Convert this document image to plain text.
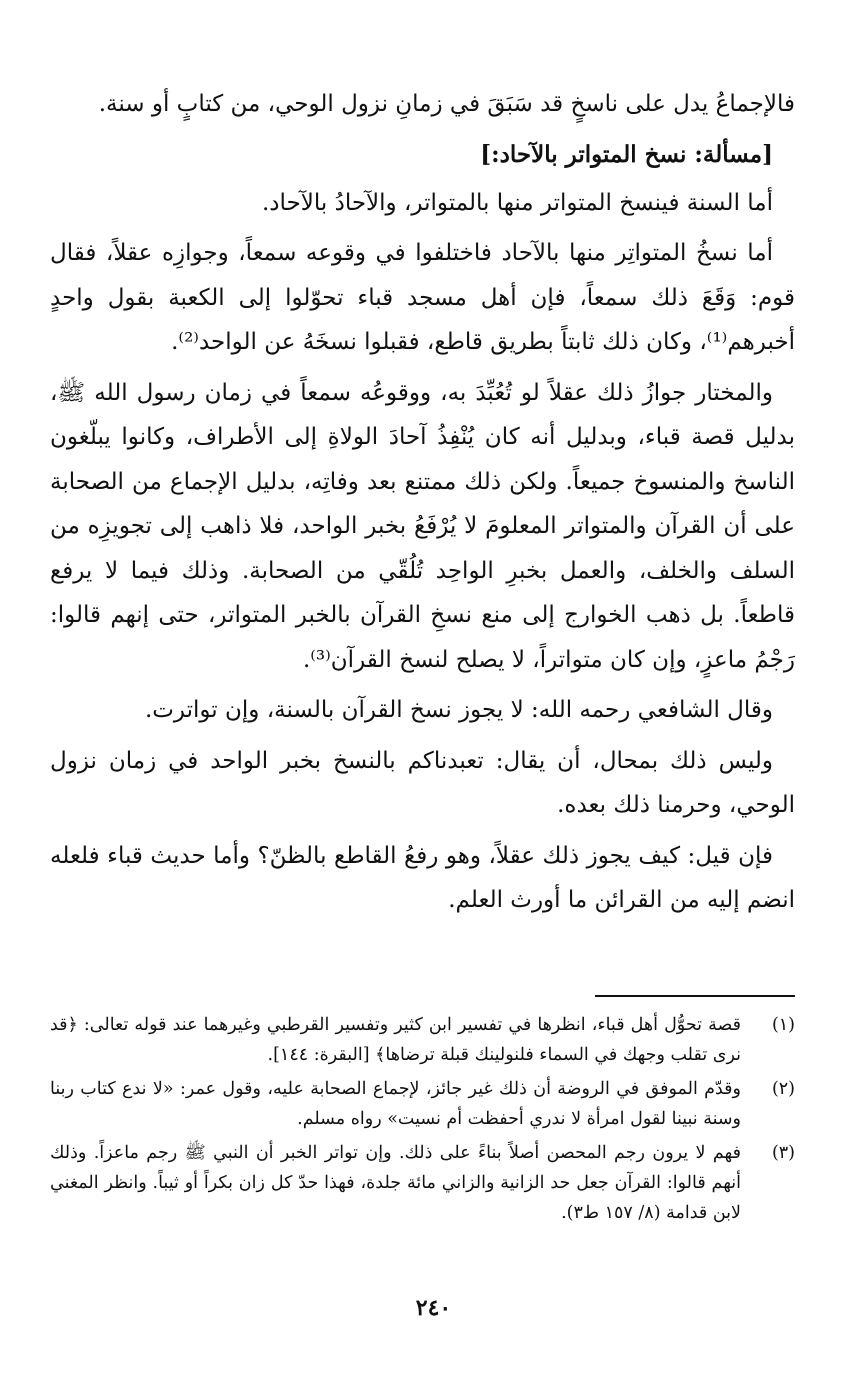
فالإجماعُ يدل على ناسخٍ قد سَبَقَ في زمانِ نزول الوحي، من كتابٍ أو سنة.

[مسألة: نسخ المتواتر بالآحاد:]

أما السنة فينسخ المتواتر منها بالمتواتر، والآحادُ بالآحاد.

أما نسخُ المتواتِر منها بالآحاد فاختلفوا في وقوعه سمعاً، وجوازِه عقلاً، فقال قوم: وَقَعَ ذلك سمعاً، فإن أهل مسجد قباء تحوّلوا إلى الكعبة بقول واحدٍ أخبرهم⁽¹⁾، وكان ذلك ثابتاً بطريق قاطع، فقبلوا نسخَهُ عن الواحد⁽²⁾.

والمختار جوازُ ذلك عقلاً لو تُعُبِّدَ به، ووقوعُه سمعاً في زمان رسول الله ﷺ، بدليل قصة قباء، وبدليل أنه كان يُنْفِذُ آحادَ الولاةِ إلى الأطراف، وكانوا يبلّغون الناسخ والمنسوخ جميعاً. ولكن ذلك ممتنع بعد وفاتِه، بدليل الإجماع من الصحابة على أن القرآن والمتواتر المعلومَ لا يُرْفَعُ بخبر الواحد، فلا ذاهب إلى تجويزِه من السلف والخلف، والعمل بخبرِ الواحِد تُلُقّي من الصحابة. وذلك فيما لا يرفع قاطعاً. بل ذهب الخوارج إلى منع نسخِ القرآن بالخبر المتواتر، حتى إنهم قالوا: رَجْمُ ماعزٍ، وإن كان متواتراً، لا يصلح لنسخ القرآن⁽³⁾.

وقال الشافعي رحمه الله: لا يجوز نسخ القرآن بالسنة، وإن تواترت.

وليس ذلك بمحال، أن يقال: تعبدناكم بالنسخ بخبر الواحد في زمان نزول الوحي، وحرمنا ذلك بعده.

فإن قيل: كيف يجوز ذلك عقلاً، وهو رفعُ القاطع بالظنّ؟ وأما حديث قباء فلعله انضم إليه من القرائن ما أورث العلم.

(١)
قصة تحوُّل أهل قباء، انظرها في تفسير ابن كثير وتفسير القرطبي وغيرهما عند قوله تعالى: ﴿قد نرى تقلب وجهك في السماء فلنولينك قبلة ترضاها﴾ [البقرة: ١٤٤].
(٢)
وقدّم الموفق في الروضة أن ذلك غير جائز، لإجماع الصحابة عليه، وقول عمر: «لا ندع كتاب ربنا وسنة نبينا لقول امرأة لا ندري أحفظت أم نسيت» رواه مسلم.
(٣)
فهم لا يرون رجم المحصن أصلاً بناءً على ذلك. وإن تواتر الخبر أن النبي ﷺ رجم ماعزاً. وذلك أنهم قالوا: القرآن جعل حد الزانية والزاني مائة جلدة، فهذا حدّ كل زان بكراً أو ثيباً. وانظر المغني لابن قدامة (٨/ ١٥٧ ط٣).
٢٤٠
